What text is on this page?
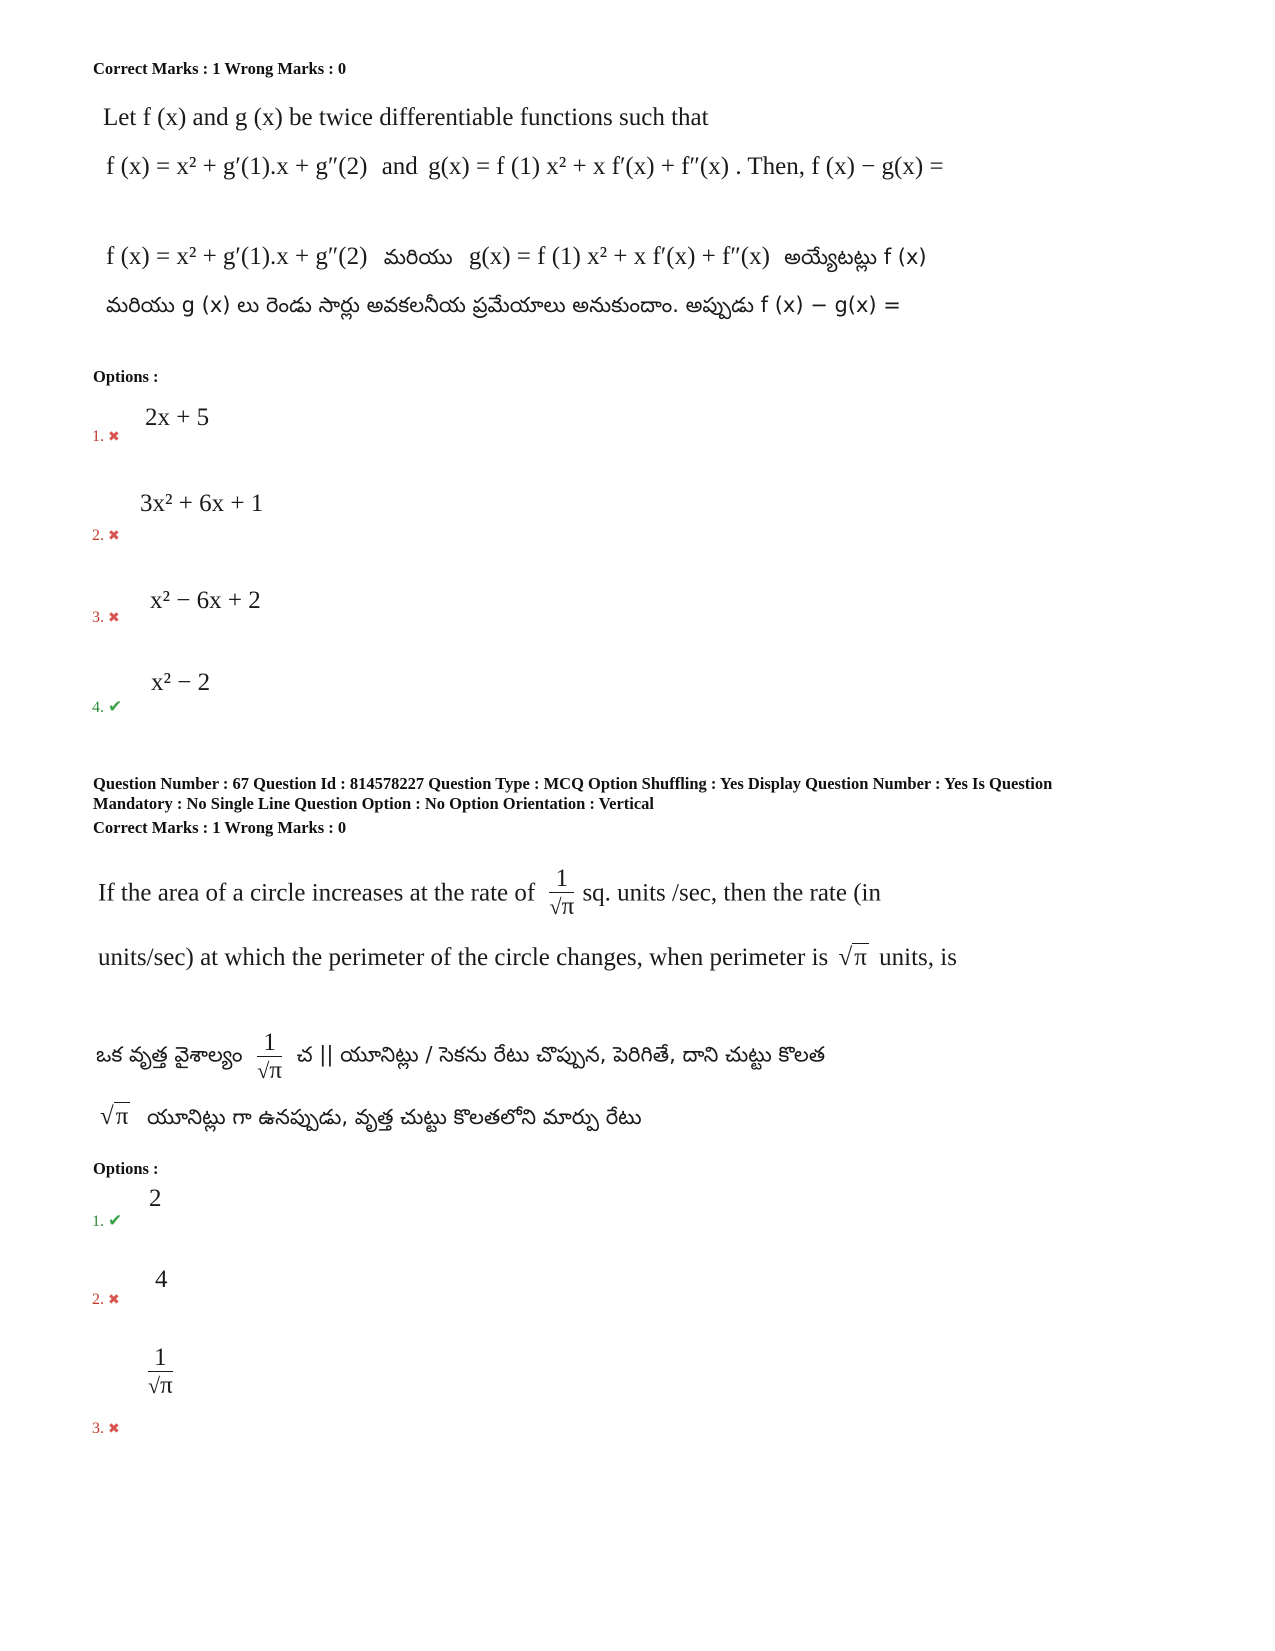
Correct Marks : 1 Wrong Marks : 0
Let f (x) and g (x) be twice differentiable functions such that
f (x) = x² + g′(1).x + g″(2) and g(x) = f (1) x² + x f′(x) + f″(x) . Then, f (x) − g(x) =
f (x) = x² + g′(1).x + g″(2) మరియు g(x) = f (1) x² + x f′(x) + f″(x) అయ్యేటట్లు f (x)
మరియు g (x) లు రెండు సార్లు అవకలనీయ ప్రమేయాలు అనుకుందాం. అప్పుడు f (x) − g(x) =
Options :
2x + 5
1. ✖
3x² + 6x + 1
2. ✖
x² − 6x + 2
3. ✖
x² − 2
4. ✔
Question Number : 67 Question Id : 814578227 Question Type : MCQ Option Shuffling : Yes Display Question Number : Yes Is Question
Mandatory : No Single Line Question Option : No Option Orientation : Vertical
Correct Marks : 1 Wrong Marks : 0
If the area of a circle increases at the rate of $\frac{1}{√\pi}$ sq. units /sec, then the rate (in
units/sec) at which the perimeter of the circle changes, when perimeter is √π units, is
ఒక వృత్త వైశాల్యం $\frac{1}{√\pi}$ చ || యూనిట్లు / సెకను రేటు చొప్పున, పెరిగితే, దాని చుట్టు కొలత
√π యూనిట్లు గా ఉనప్పుడు, వృత్త చుట్టు కొలతలోని మార్పు రేటు
Options :
2
1. ✔
4
2. ✖
$\frac{1}{√\pi}$
3. ✖
